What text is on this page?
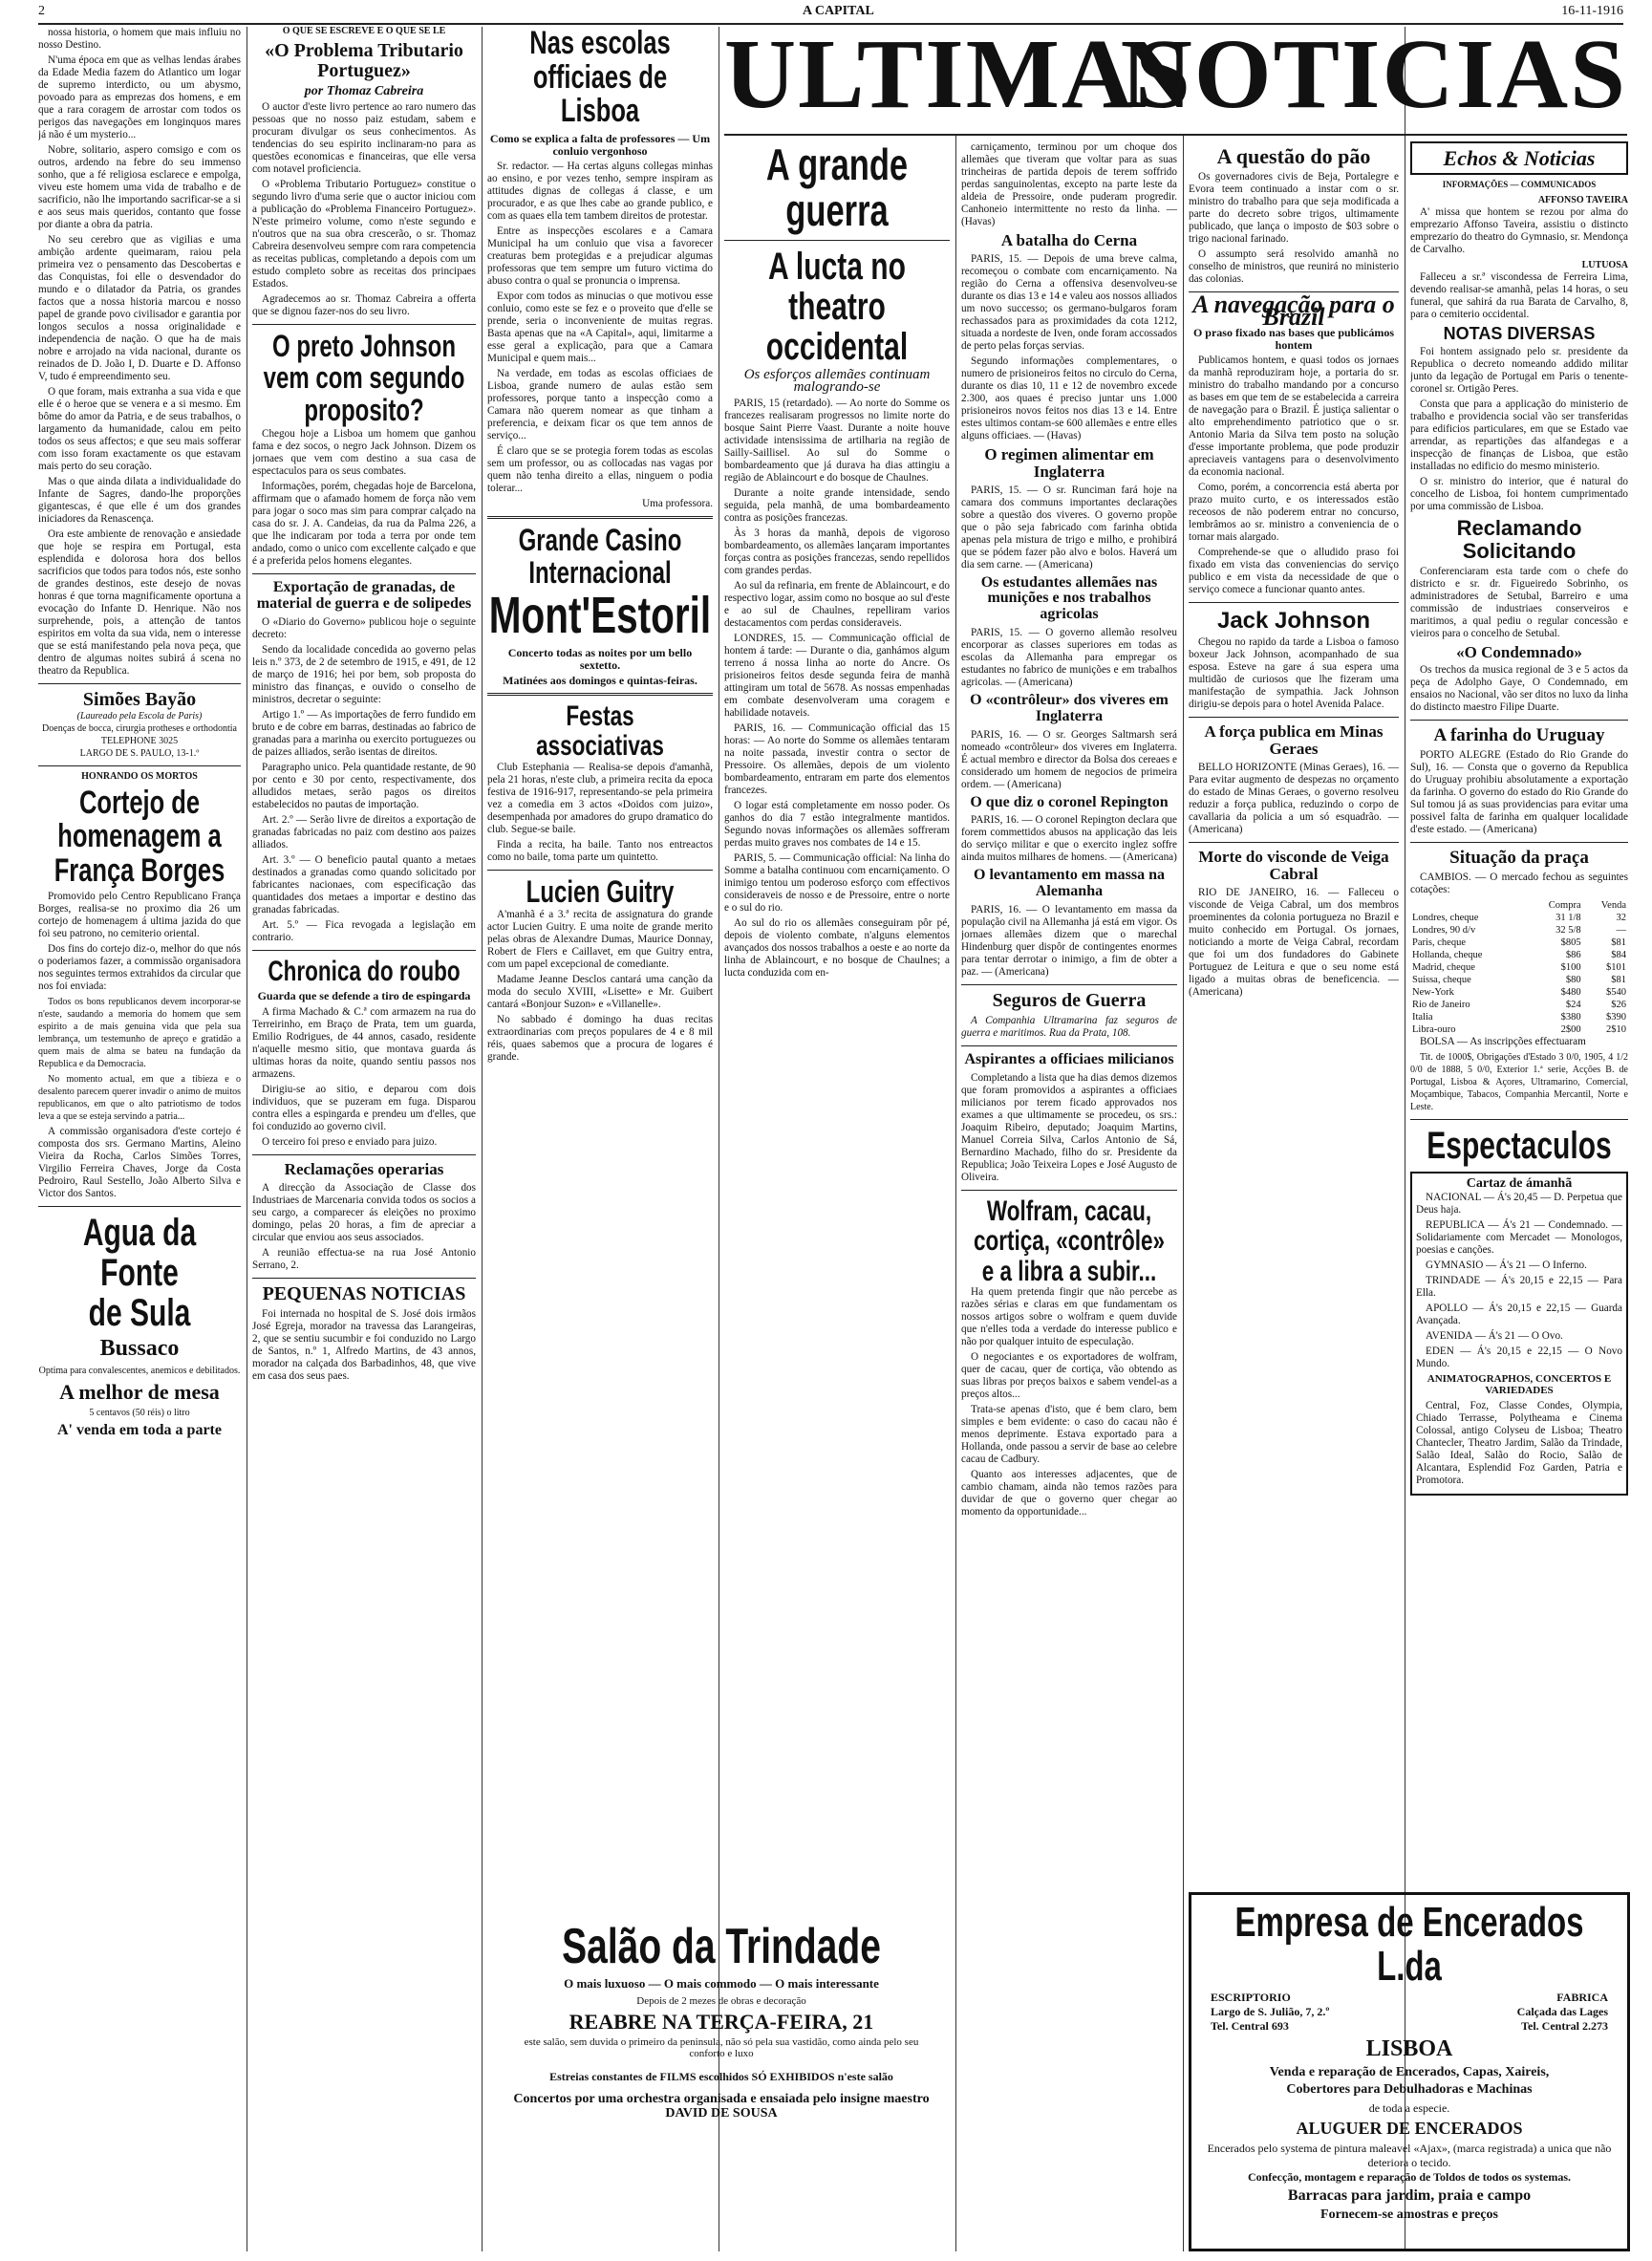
2	A CAPITAL	16-11-1916

nossa historia, o homem que mais influiu no nosso Destino.

N'uma época em que as velhas lendas árabes da Edade Media fazem do Atlantico um logar de supremo interdicto, ou um abysmo, povoado para as emprezas dos homens, e em que a rara coragem de arrostar com todos os perigos das navegações em longinquos mares já não é um mysterio...

Nobre, solitario, aspero comsigo e com os outros, ardendo na febre do seu immenso sonho, que a fé religiosa esclarece e empolga, viveu este homem uma vida de trabalho e de sacrificio, não lhe importando sacrificar-se a si e aos seus mais queridos, contanto que fosse por diante a obra da patria.

No seu cerebro que as vigilias e uma ambição ardente queimaram, raiou pela primeira vez o pensamento das Descobertas e das Conquistas, foi elle o desvendador do mundo e o dilatador da Patria, os grandes factos que a nossa historia marcou e nosso papel de grande povo civilisador e garantia por longos seculos a nossa originalidade e independencia de nação. O que ha de mais nobre e arrojado na vida nacional, durante os reinados de D. João I, D. Duarte e D. Affonso V, tudo é empreendimento seu.

O que foram, mais extranha a sua vida e que elle é o heroe que se venera e a si mesmo. Em bôme do amor da Patria, e de seus trabalhos, o largamento da humanidade, calou em peito todos os seus affectos; e que seu mais sofferar com isso foram exactamente os que estavam mais perto do seu coração.

Mas o que ainda dilata a individualidade do Infante de Sagres, dando-lhe proporções gigantescas, é que elle é um dos grandes iniciadores da Renascença.

Ora este ambiente de renovação e ansiedade que hoje se respira em Portugal, esta esplendida e dolorosa hora dos bellos sacrificios que todos para todos nós, este sonho de grandes destinos, este desejo de novas honras é que torna magnificamente oportuna a evocação do Infante D. Henrique. Não nos surprehende, pois, a attenção de tantos espiritos em volta da sua vida, nem o interesse que se está manifestando pela nova peça, que dentro de algumas noites subirá á scena no theatro da Republica.

Simões Bayão
(Laureado pela Escola de Paris)
Doenças de bocca, cirurgia protheses e orthodontia
TELEPHONE 3025
LARGO DE S. PAULO, 13-1.º
HONRANDO OS MORTOS
Cortejo de homenagem a França Borges

Promovido pelo Centro Republicano França Borges, realisa-se no proximo dia 26 um cortejo de homenagem á ultima jazida do que foi seu patrono, no cemiterio oriental.

Dos fins do cortejo diz-o, melhor do que nós o poderiamos fazer, a commissão organisadora nos seguintes termos extrahidos da circular que nos foi enviada:

Todos os bons republicanos devem incorporar-se n'este, saudando a memoria do homem que sem espirito a de mais genuina vida que pela sua lembrança, um testemunho de apreço e gratidão a quem mais de alma se bateu na fundação da Republica e da Democracia.

No momento actual, em que a tibieza e o desalento parecem querer invadir o animo de muitos republicanos, em que o alto patriotismo de todos leva a que se esteja servindo a patria...

A commissão organisadora d'este cortejo é composta dos srs. Germano Martins, Aleino Vieira da Rocha, Carlos Simões Torres, Virgilio Ferreira Chaves, Jorge da Costa Pedroiro, Raul Sestello, João Alberto Silva e Victor dos Santos.

Agua da Fonte
de Sula
Bussaco
Optima para convalescentes, anemicos e debilitados.
A melhor de mesa
5 centavos (50 réis) o litro
A' venda em toda a parte
O QUE SE ESCREVE E O QUE SE LÊ
«O Problema Tributario Portuguez»
por Thomaz Cabreira

O auctor d'este livro pertence ao raro numero das pessoas que no nosso paiz estudam, sabem e procuram divulgar os seus conhecimentos. As tendencias do seu espirito inclinaram-no para as questões economicas e financeiras, que elle versa com notavel proficiencia.

O «Problema Tributario Portuguez» constitue o segundo livro d'uma serie que o auctor iniciou com a publicação do «Problema Financeiro Portuguez». N'este primeiro volume, como n'este segundo e n'outros que na sua obra crescerão, o sr. Thomaz Cabreira desenvolveu sempre com rara competencia as receitas publicas, completando a depois com um estudo completo sobre as receitas dos principaes Estados.

Agradecemos ao sr. Thomaz Cabreira a offerta que se dignou fazer-nos do seu livro.

O preto Johnson vem com segundo proposito?

Chegou hoje a Lisboa um homem que ganhou fama e dez socos, o negro Jack Johnson. Dizem os jornaes que vem com destino a sua casa de espectaculos para os seus combates.

Informações, porém, chegadas hoje de Barcelona, affirmam que o afamado homem de força não vem para jogar o soco mas sim para comprar calçado na casa do sr. J. A. Candeias, da rua da Palma 226, a que lhe indicaram por toda a terra por onde tem andado, como o unico com excellente calçado e que é a preferida pelos homens elegantes.

Exportação de granadas, de material de guerra e de solipedes

O «Diario do Governo» publicou hoje o seguinte decreto:

Sendo da localidade concedida ao governo pelas leis n.º 373, de 2 de setembro de 1915, e 491, de 12 de março de 1916; hei por bem, sob proposta do ministro das finanças, e ouvido o conselho de ministros, decretar o seguinte:

Artigo 1.º — As importações de ferro fundido em bruto e de cobre em barras, destinadas ao fabrico de granadas para a marinha ou exercito portuguezes ou de paizes alliados, serão isentas de direitos.

Paragrapho unico. Pela quantidade restante, de 90 por cento e 30 por cento, respectivamente, dos alludidos metaes, serão pagos os direitos estabelecidos no pautas de importação.

Art. 2.º — Serão livre de direitos a exportação de granadas fabricadas no paiz com destino aos paizes alliados.

Art. 3.º — O beneficio pautal quanto a metaes destinados a granadas como quando solicitado por fabricantes nacionaes, com especificação das quantidades dos metaes a importar e destino das granadas fabricadas.

Art. 5.º — Fica revogada a legislação em contrario.

Chronica do roubo
Guarda que se defende a tiro de espingarda

A firma Machado & C.ª com armazem na rua do Terreirinho, em Braço de Prata, tem um guarda, Emilio Rodrigues, de 44 annos, casado, residente n'aquelle mesmo sitio, que montava guarda ás ultimas horas da noite, quando sentiu passos nos armazens.

Dirigiu-se ao sitio, e deparou com dois individuos, que se puzeram em fuga. Disparou contra elles a espingarda e prendeu um d'elles, que foi conduzido ao governo civil.

O terceiro foi preso e enviado para juizo.

Reclamações operarias

A direcção da Associação de Classe dos Industriaes de Marcenaria convida todos os socios a seu cargo, a comparecer ás eleições no proximo domingo, pelas 20 horas, a fim de apreciar a circular que enviou aos seus associados.

A reunião effectua-se na rua José Antonio Serrano, 2.

PEQUENAS NOTICIAS

Foi internada no hospital de S. José dois irmãos José Egreja, morador na travessa das Larangeiras, 2, que se sentiu sucumbir e foi conduzido no Largo de Santos, n.º 1, Alfredo Martins, de 43 annos, morador na calçada dos Barbadinhos, 48, que vive em casa dos seus paes.

Nas escolas officiaes de Lisboa
Como se explica a falta de professores — Um conluio vergonhoso

Sr. redactor. — Ha certas alguns collegas minhas ao ensino, e por vezes tenho, sempre inspiram as attitudes dignas de collegas á classe, e um procurador, e as que lhes cabe ao grande publico, e com as quaes ella tem tambem direitos de protestar.

Entre as inspecções escolares e a Camara Municipal ha um conluio que visa a favorecer creaturas bem protegidas e a prejudicar algumas professoras que tem sempre um futuro victima do abuso contra o qual se pronuncia o imprensa.

Expor com todos as minucias o que motivou esse conluio, como este se fez e o proveito que d'elle se prende, seria o inconveniente de muitas regras. Basta apenas que na «A Capital», aqui, limitarme a esse geral a explicação, para que a Camara Municipal e quem mais...

Na verdade, em todas as escolas officiaes de Lisboa, grande numero de aulas estão sem professores, porque tanto a inspecção como a Camara não querem nomear as que tinham a preferencia, e deixam ficar os que tem annos de serviço...

É claro que se se protegia forem todas as escolas sem um professor, ou as collocadas nas vagas por quem não tenha direito a ellas, ninguem o podia tolerar...

Uma professora.

Grande Casino
Internacional
Mont'Estoril
Concerto todas as noites por um bello sextetto.
Matinées aos domingos e quintas-feiras.
Festas associativas

Club Estephania — Realisa-se depois d'amanhã, pela 21 horas, n'este club, a primeira recita da epoca festiva de 1916-917, representando-se pela primeira vez a comedia em 3 actos «Doidos com juizo», desempenhada por amadores do grupo dramatico do club. Segue-se baile.

Finda a recita, ha baile. Tanto nos entreactos como no baile, toma parte um quintetto.

Lucien Guitry

A'manhã é a 3.ª recita de assignatura do grande actor Lucien Guitry. E uma noite de grande merito pelas obras de Alexandre Dumas, Maurice Donnay, Robert de Flers e Caillavet, em que Guitry entra, com um papel excepcional de comediante.

Madame Jeanne Desclos cantará uma canção da moda do seculo XVIII, «Lisette» e Mr. Guibert cantará «Bonjour Suzon» e «Villanelle».

No sabbado é domingo ha duas recitas extraordinarias com preços populares de 4 e 8 mil réis, quaes sabemos que a procura de logares é grande.

Salão da Trindade
O mais luxuoso — O mais commodo — O mais interessante
Depois de 2 mezes de obras e decoração
REABRE NA TERÇA-FEIRA, 21
este salão, sem duvida o primeiro da peninsula, não só pela sua vastidão, como ainda pelo seu conforto e luxo
Estreias constantes de FILMS escolhidos SÓ EXHIBIDOS n'este salão
Concertos por uma orchestra organisada e ensaiada pelo insigne maestro DAVID DE SOUSA
ULTIMAS
NOTICIAS
A grande guerra
A lucta no theatro occidental
Os esforços allemães continuam malogrando-se

PARIS, 15 (retardado). — Ao norte do Somme os francezes realisaram progressos no limite norte do bosque Saint Pierre Vaast. Durante a noite houve actividade intensissima de artilharia na região de Sailly-Saillisel. Ao sul do Somme o bombardeamento que já durava ha dias attingiu a região de Ablaincourt e do bosque de Chaulnes.

Durante a noite grande intensidade, sendo seguida, pela manhã, de uma bombardeamento contra as posições francezas.

Às 3 horas da manhã, depois de vigoroso bombardeamento, os allemães lançaram importantes forças contra as posições francezas, sendo repellidos com grandes perdas.

Ao sul da refinaria, em frente de Ablaincourt, e do respectivo logar, assim como no bosque ao sul d'este e ao sul de Chaulnes, repelliram varios destacamentos com perdas consideraveis.

LONDRES, 15. — Communicação official de hontem á tarde: — Durante o dia, ganhámos algum terreno á nossa linha ao norte do Ancre. Os prisioneiros feitos desde segunda feira de manhã attingiram um total de 5678. As nossas empenhadas em combate desenvolveram uma coragem e habilidade notaveis.

PARIS, 16. — Communicação official das 15 horas: — Ao norte do Somme os allemães tentaram na noite passada, investir contra o sector de Pressoire. Os allemães, depois de um violento bombardeamento, entraram em parte dos elementos francezes.

O logar está completamente em nosso poder. Os ganhos do dia 7 estão integralmente mantidos. Segundo novas informações os allemães soffreram perdas muito graves nos combates de 14 e 15.

PARIS, 5. — Communicação official: Na linha do Somme a batalha continuou com encarniçamento. O inimigo tentou um poderoso esforço com effectivos consideraveis de nosso e de Pressoire, entre o norte e o sul do rio.

Ao sul do rio os allemães conseguiram pôr pé, depois de violento combate, n'alguns elementos avançados dos nossos trabalhos a oeste e ao norte da linha de Ablaincourt, e no bosque de Chaulnes; a lucta conduzida com en-

carniçamento, terminou por um choque dos allemães que tiveram que voltar para as suas trincheiras de partida depois de terem soffrido perdas sanguinolentas, excepto na parte leste da aldeia de Pressoire, onde puderam progredir. Canhoneio intermittente no resto da linha. — (Havas)

A batalha do Cerna

PARIS, 15. — Depois de uma breve calma, recomeçou o combate com encarniçamento. Na região do Cerna a offensiva desenvolveu-se durante os dias 13 e 14 e valeu aos nossos alliados um novo successo; os germano-bulgaros foram rechassados para as proximidades da cota 1212, situada a nordeste de Iven, onde foram accossados de perto pelas forças servias.

Segundo informações complementares, o numero de prisioneiros feitos no circulo do Cerna, durante os dias 10, 11 e 12 de novembro excede 2.300, aos quaes é preciso juntar uns 1.000 prisioneiros novos feitos nos dias 13 e 14. Entre estes ultimos contam-se 600 allemães e entre elles alguns officiaes. — (Havas)

O regimen alimentar em Inglaterra

PARIS, 15. — O sr. Runciman fará hoje na camara dos communs importantes declarações sobre a questão dos viveres. O governo propõe que o pão seja fabricado com farinha obtida apenas pela mistura de trigo e milho, e prohibirá que se pódem fazer pão alvo e bolos. Haverá um dia sem carne. — (Americana)

Os estudantes allemães nas munições e nos trabalhos agricolas

PARIS, 15. — O governo allemão resolveu encorporar as classes superiores em todas as escolas da Allemanha para empregar os estudantes no fabrico de munições e em trabalhos agricolas. — (Americana)

O «contrôleur» dos viveres em Inglaterra

PARIS, 16. — O sr. Georges Saltmarsh será nomeado «contrôleur» dos viveres em Inglaterra. É actual membro e director da Bolsa dos cereaes e considerado um homem de negocios de primeira ordem. — (Americana)

O que diz o coronel Repington

PARIS, 16. — O coronel Repington declara que forem commettidos abusos na applicação das leis do serviço militar e que o exercito inglez soffre ainda muitos milhares de homens. — (Americana)

O levantamento em massa na Alemanha

PARIS, 16. — O levantamento em massa da população civil na Allemanha já está em vigor. Os jornaes allemães dizem que o marechal Hindenburg quer dispôr de contingentes enormes para tentar derrotar o inimigo, a fim de obter a paz. — (Americana)

Seguros de Guerra

A Companhia Ultramarina faz seguros de guerra e maritimos. Rua da Prata, 108.

Aspirantes a officiaes milicianos

Completando a lista que ha dias demos dizemos que foram promovidos a aspirantes a officiaes milicianos por terem ficado approvados nos exames a que ultimamente se procedeu, os srs.: Joaquim Ribeiro, deputado; Joaquim Martins, Manuel Correia Silva, Carlos Antonio de Sá, Bernardino Machado, filho do sr. Presidente da Republica; João Teixeira Lopes e José Augusto de Oliveira.

Wolfram, cacau, cortiça, «contrôle» e a libra a subir...

Ha quem pretenda fingir que não percebe as razões sérias e claras em que fundamentam os nossos artigos sobre o wolfram e quem duvide que n'elles toda a verdade do interesse publico e não por qualquer intuito de especulação.

O negociantes e os exportadores de wolfram, quer de cacau, quer de cortiça, vão obtendo as suas libras por preços baixos e sabem vendel-as a preços altos...

Trata-se apenas d'isto, que é bem claro, bem simples e bem evidente: o caso do cacau não é menos deprimente. Estava exportado para a Hollanda, onde passou a servir de base ao celebre cacau de Cadbury.

Quanto aos interesses adjacentes, que de cambio chamam, ainda não temos razões para duvidar de que o governo quer chegar ao momento da opportunidade...

A questão do pão

Os governadores civis de Beja, Portalegre e Evora teem continuado a instar com o sr. ministro do trabalho para que seja modificada a parte do decreto sobre trigos, ultimamente publicado, que lança o imposto de $03 sobre o trigo nacional farinado.

O assumpto será resolvido amanhã no conselho de ministros, que reunirá no ministerio das colonias.

A navegação para o Brazil
O praso fixado nas bases que publicámos hontem

Publicamos hontem, e quasi todos os jornaes da manhã reproduziram hoje, a portaria do sr. ministro do trabalho mandando por a concurso as bases em que tem de se estabelecida a carreira de navegação para o Brazil. É justiça salientar o alto emprehendimento patriotico que o sr. Antonio Maria da Silva tem posto na solução d'esse importante problema, que pode produzir apreciaveis vantagens para o desenvolvimento da economia nacional.

Como, porém, a concorrencia está aberta por prazo muito curto, e os interessados estão receosos de não poderem entrar no concurso, lembrâmos ao sr. ministro a conveniencia de o tornar mais alargado.

Comprehende-se que o alludido praso foi fixado em vista das conveniencias do serviço publico e em vista da necessidade de que o serviço comece a funcionar quanto antes.

Jack Johnson

Chegou no rapido da tarde a Lisboa o famoso boxeur Jack Johnson, acompanhado de sua esposa. Esteve na gare á sua espera uma multidão de curiosos que lhe fizeram uma manifestação de sympathia. Jack Johnson dirigiu-se depois para o hotel Avenida Palace.

A força publica em Minas Geraes

BELLO HORIZONTE (Minas Geraes), 16. — Para evitar augmento de despezas no orçamento do estado de Minas Geraes, o governo resolveu reduzir a força publica, reduzindo o corpo de cavallaria da policia a um só esquadrão. — (Americana)

Morte do visconde de Veiga Cabral

RIO DE JANEIRO, 16. — Falleceu o visconde de Veiga Cabral, um dos membros proeminentes da colonia portugueza no Brazil e muito conhecido em Portugal. Os jornaes, noticiando a morte de Veiga Cabral, recordam que foi um dos fundadores do Gabinete Portuguez de Leitura e que o seu nome está ligado a muitas obras de beneficencia. — (Americana)

Echos & Noticias
INFORMAÇÕES — COMMUNICADOS
AFFONSO TAVEIRA

A' missa que hontem se rezou por alma do emprezario Affonso Taveira, assistiu o distincto emprezario do theatro do Gymnasio, sr. Mendonça de Carvalho.

LUTUOSA

Falleceu a sr.ª viscondessa de Ferreira Lima, devendo realisar-se amanhã, pelas 14 horas, o seu funeral, que sahirá da rua Barata de Carvalho, 8, para o cemiterio occidental.

NOTAS DIVERSAS

Foi hontem assignado pelo sr. presidente da Republica o decreto nomeando addido militar junto da legação de Portugal em Paris o tenente-coronel sr. Ortigão Peres.

Consta que para a applicação do ministerio de trabalho e providencia social vão ser transferidas para edificios particulares, em que se Estado vae arrendar, as repartições das alfandegas e a inspecção de finanças de Lisboa, que estão installadas no edificio do mesmo ministerio.

O sr. ministro do interior, que é natural do concelho de Lisboa, foi hontem cumprimentado por uma commissão de Lisboa.

Reclamando Solicitando

Conferenciaram esta tarde com o chefe do districto e sr. dr. Figueiredo Sobrinho, os administradores de Setubal, Barreiro e uma commissão de industriaes conserveiros e maritimos, a qual pediu o regular concessão e vieiros para o concelho de Setubal.

«O Condemnado»

Os trechos da musica regional de 3 e 5 actos da peça de Adolpho Gaye, O Condemnado, em ensaios no Nacional, vão ser ditos no luxo da linha do distincto maestro Filipe Duarte.

A farinha do Uruguay

PORTO ALEGRE (Estado do Rio Grande do Sul), 16. — Consta que o governo da Republica do Uruguay prohibiu absolutamente a exportação da farinha. O governo do estado do Rio Grande do Sul tomou já as suas providencias para evitar uma possivel falta de farinha em qualquer localidade d'este estado. — (Americana)

Situação da praça

CAMBIOS. — O mercado fechou as seguintes cotações:

	Compra	Venda
Londres, cheque	31 1/8	32
Londres, 90 d/v	32 5/8	—
Paris, cheque	$805	$81
Hollanda, cheque	$86	$84
Madrid, cheque	$100	$101
Suissa, cheque	$80	$81
New-York	$480	$540
Rio de Janeiro	$24	$26
Italia	$380	$390
Libra-ouro	2$00	2$10

BOLSA — As inscripções effectuaram

Tit. de 1000$, Obrigações d'Estado 3 0/0, 1905, 4 1/2 0/0 de 1888, 5 0/0, Exterior 1.ª serie, Acções B. de Portugal, Lisboa & Açores, Ultramarino, Comercial, Moçambique, Tabacos, Companhia Mercantil, Norte e Leste.

Espectaculos
Cartaz de ámanhã

NACIONAL — Á's 20,45 — D. Perpetua que Deus haja.

REPUBLICA — Á's 21 — Condemnado. — Solidariamente com Mercadet — Monologos, poesias e canções.

GYMNASIO — Á's 21 — O Inferno.

TRINDADE — Á's 20,15 e 22,15 — Para Ella.

APOLLO — Á's 20,15 e 22,15 — Guarda Avançada.

AVENIDA — Á's 21 — O Ovo.

EDEN — Á's 20,15 e 22,15 — O Novo Mundo.

ANIMATOGRAPHOS, CONCERTOS E VARIEDADES

Central, Foz, Classe Condes, Olympia, Chiado Terrasse, Polytheama e Cinema Colossal, antigo Colyseu de Lisboa; Theatro Chantecler, Theatro Jardim, Salão da Trindade, Salão Ideal, Salão do Rocio, Salão de Alcantara, Esplendid Foz Garden, Patria e Promotora.

Empresa de Encerados L.da
ESCRIPTORIO	FABRICA
Largo de S. Julião, 7, 2.º	Calçada das Lages
Tel. Central 693	Tel. Central 2.273
LISBOA
Venda e reparação de Encerados, Capas, Xaireis,
Cobertores para Debulhadoras e Machinas
de toda a especie.
ALUGUER DE ENCERADOS
Encerados pelo systema de pintura maleavel «Ajax», (marca registrada) a unica que não deteriora o tecido.
Confecção, montagem e reparação de Toldos de todos os systemas.
Barracas para jardim, praia e campo
Fornecem-se amostras e preços
